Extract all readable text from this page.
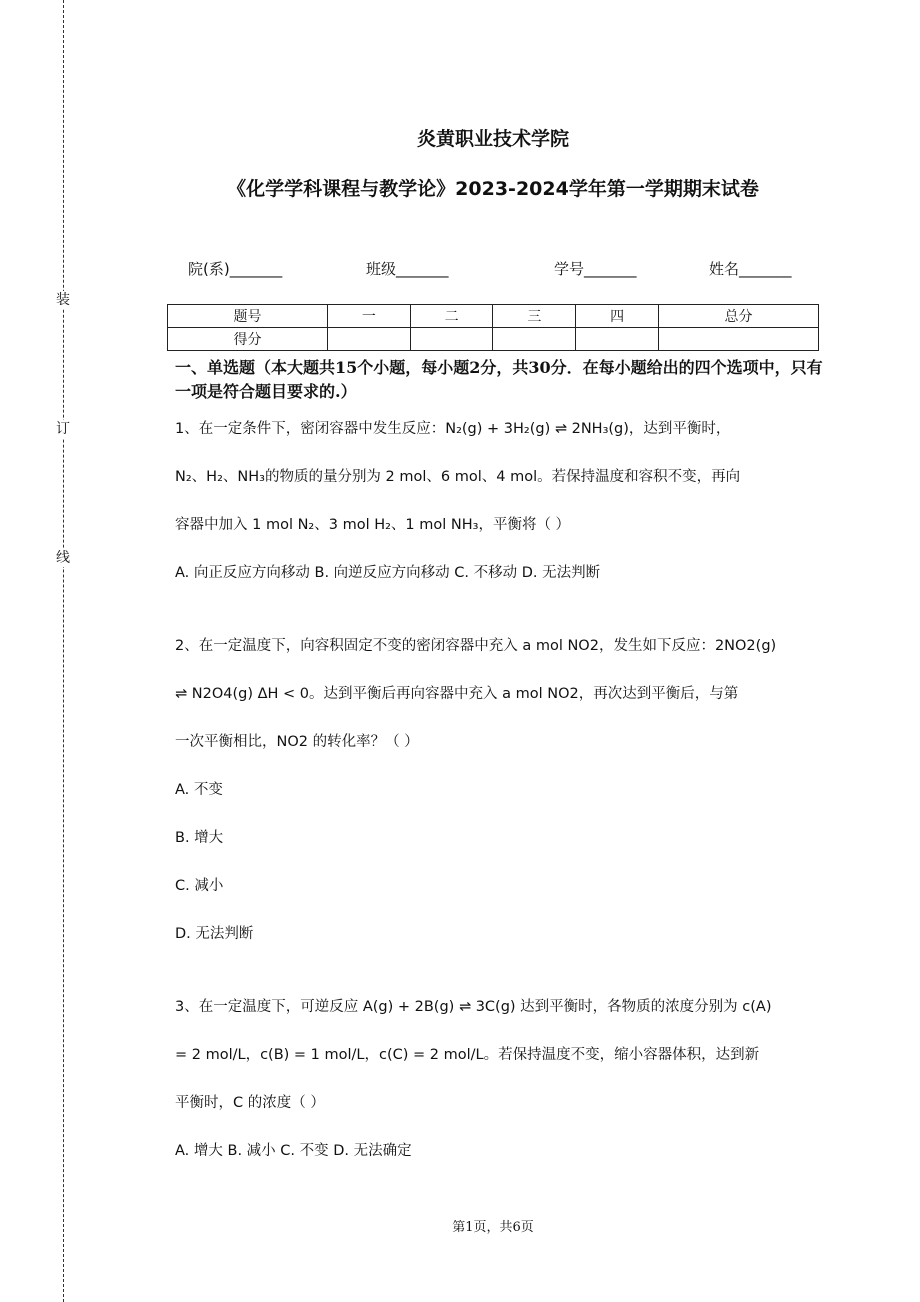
装
订
线
炎黄职业技术学院
《化学学科课程与教学论》2023-2024学年第一学期期末试卷
院(系)_______	班级_______	学号_______	姓名_______
题号	一	二	三	四	总分
得分					
一、单选题（本大题共15个小题，每小题2分，共30分．在每小题给出的四个选项中，只有一项是符合题目要求的.）
1、在一定条件下，密闭容器中发生反应：N₂(g) + 3H₂(g) ⇌ 2NH₃(g)，达到平衡时，
N₂、H₂、NH₃的物质的量分别为 2 mol、6 mol、4 mol。若保持温度和容积不变，再向
容器中加入 1 mol N₂、3 mol H₂、1 mol NH₃，平衡将（ ）
A. 向正反应方向移动 B. 向逆反应方向移动 C. 不移动 D. 无法判断
2、在一定温度下，向容积固定不变的密闭容器中充入 a mol NO2，发生如下反应：2NO2(g)
⇌ N2O4(g) ΔH < 0。达到平衡后再向容器中充入 a mol NO2，再次达到平衡后，与第
一次平衡相比，NO2 的转化率？（ ）
A. 不变
B. 增大
C. 减小
D. 无法判断
3、在一定温度下，可逆反应 A(g) + 2B(g) ⇌ 3C(g) 达到平衡时，各物质的浓度分别为 c(A)
= 2 mol/L，c(B) = 1 mol/L，c(C) = 2 mol/L。若保持温度不变，缩小容器体积，达到新
平衡时，C 的浓度（ ）
A. 增大 B. 减小 C. 不变 D. 无法确定
第1页，共6页
